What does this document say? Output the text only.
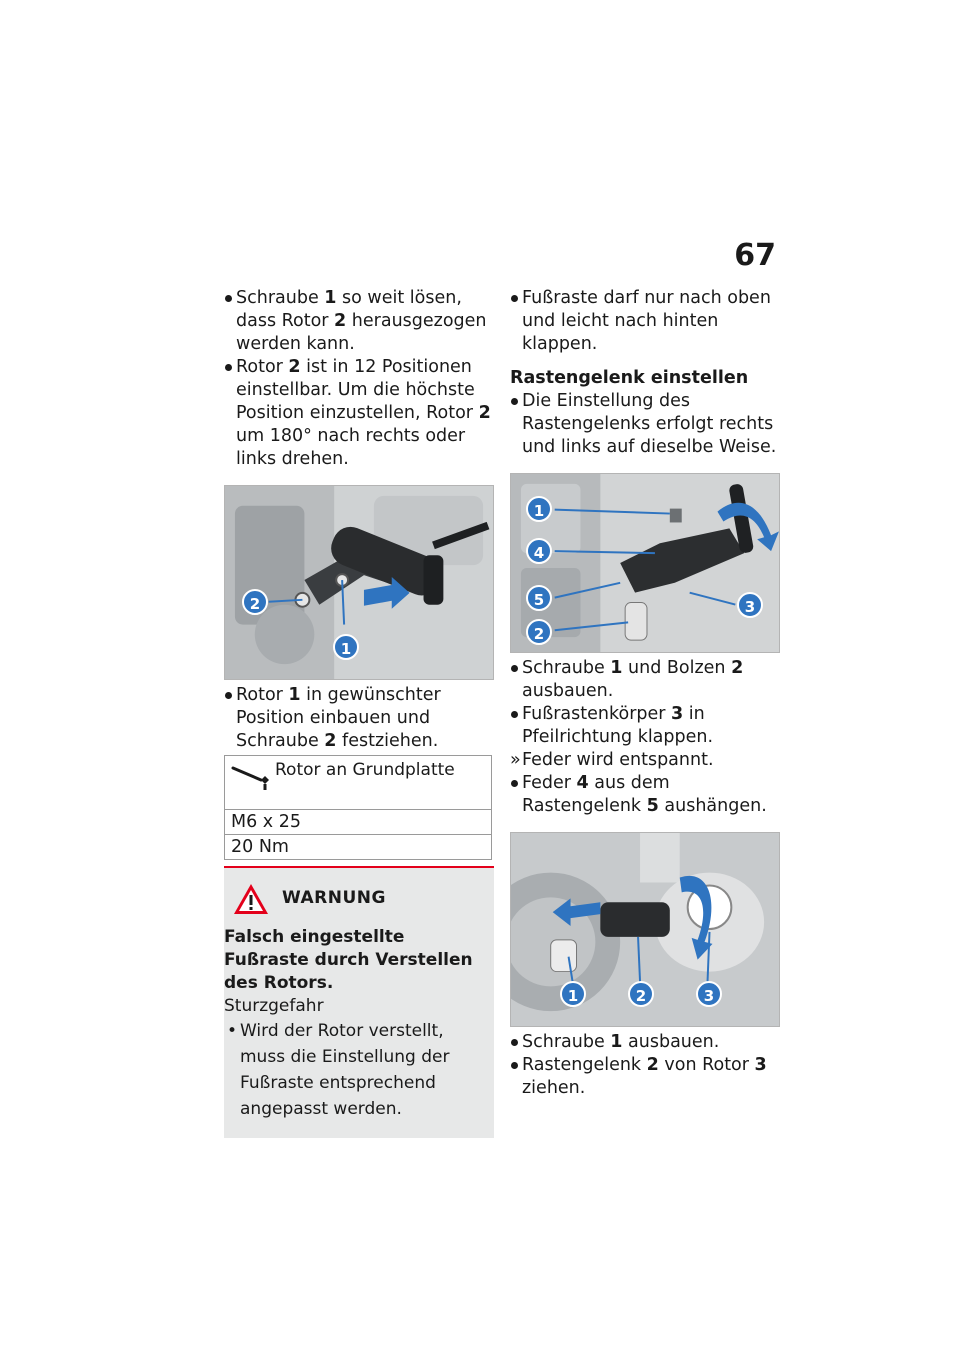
67
Schraube 1 so weit lösen, dass Rotor 2 herausgezogen werden kann.
Rotor 2 ist in 12 Positionen einstellbar. Um die höchste Position einzustellen, Rotor 2 um 180° nach rechts oder links drehen.
2
1
Rotor 1 in gewünschter Position einbauen und Schraube 2 festziehen.
Rotor an Grundplatte
M6 x 25
20 Nm
WARNUNG
Falsch eingestellte Fußraste durch Verstellen des Rotors.
Sturzgefahr
• Wird der Rotor verstellt, muss die Einstellung der Fußraste entsprechend angepasst werden.
Fußraste darf nur nach oben und leicht nach hinten klappen.
Rastengelenk einstellen
Die Einstellung des Rastengelenks erfolgt rechts und links auf dieselbe Weise.
1
4
5
2
3
Schraube 1 und Bolzen 2 ausbauen.
Fußrastenkörper 3 in Pfeilrichtung klappen.
» Feder wird entspannt.
Feder 4 aus dem Rastengelenk 5 aushängen.
1	2	3
Schraube 1 ausbauen.
Rastengelenk 2 von Rotor 3 ziehen.
